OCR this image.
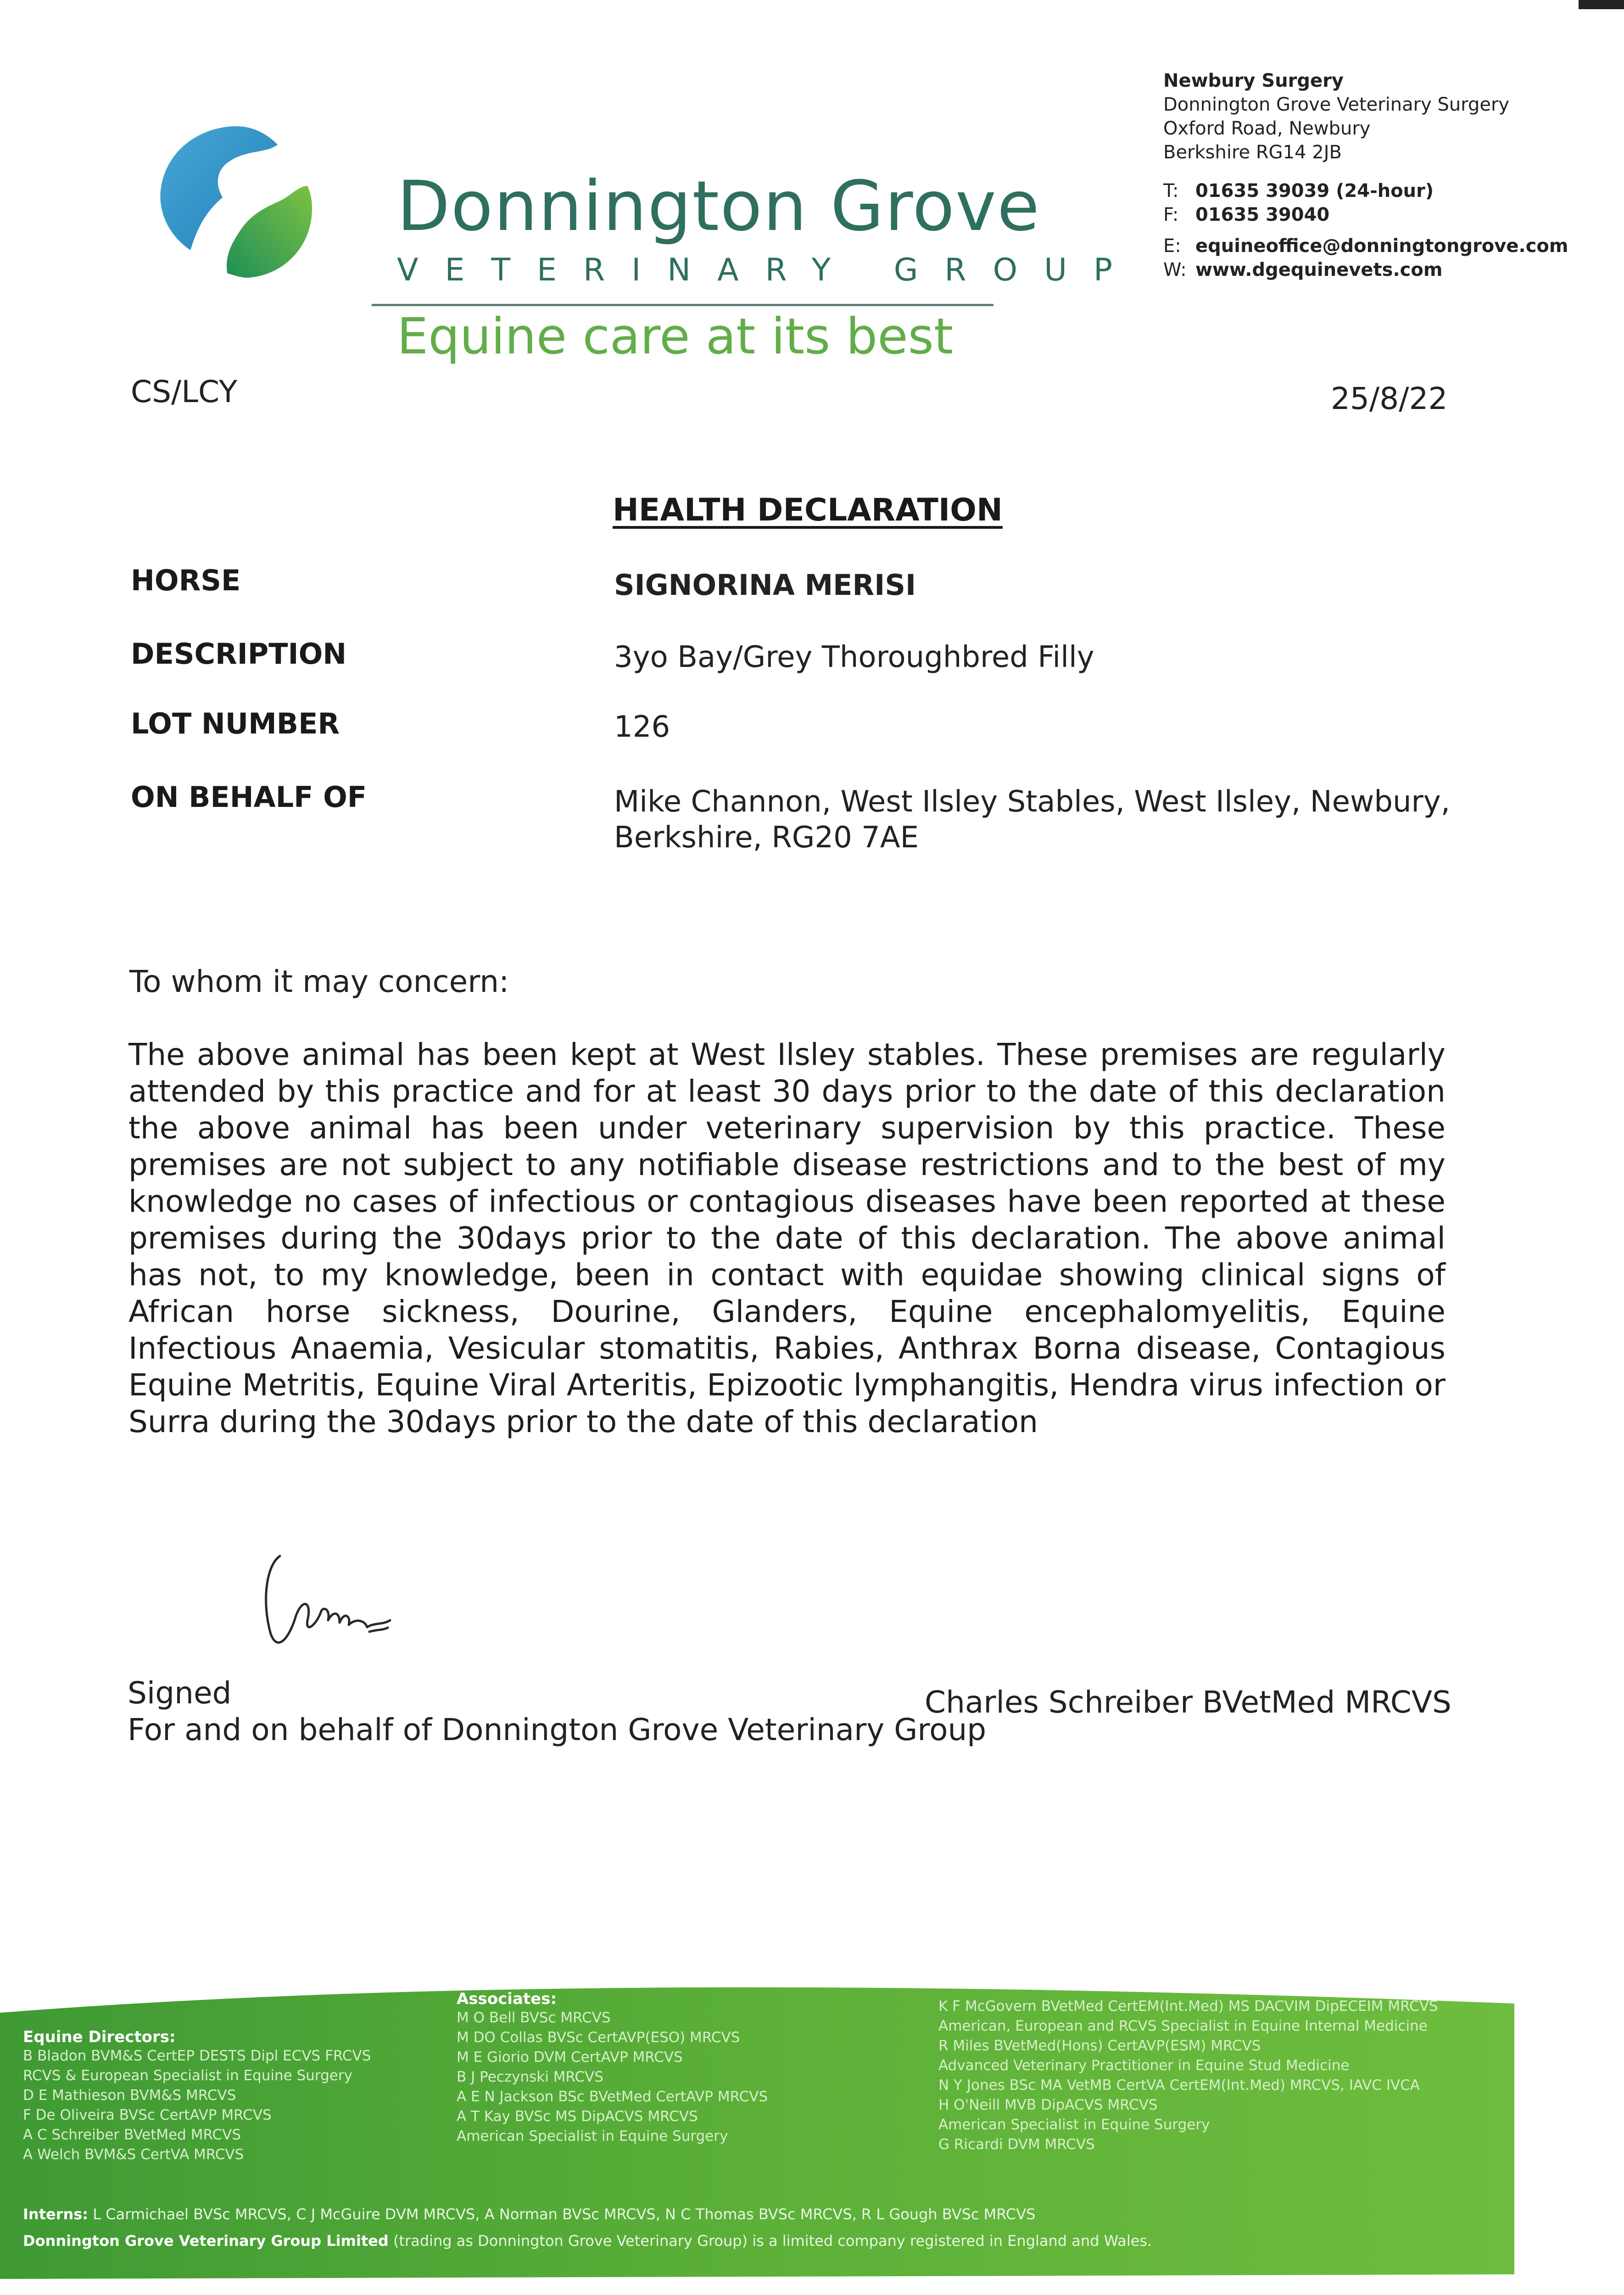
Donnington Grove
VETERINARY GROUP
Equine care at its best
Newbury Surgery
Donnington Grove Veterinary Surgery
Oxford Road, Newbury
Berkshire RG14 2JB
T: 01635 39039 (24-hour)
F: 01635 39040
E: equineoffice@donningtongrove.com
W: www.dgequinevets.com
CS/LCY	25/8/22
HEALTH DECLARATION
HORSE	SIGNORINA MERISI
DESCRIPTION	3yo Bay/Grey Thoroughbred Filly
LOT NUMBER	126
ON BEHALF OF	Mike Channon, West Ilsley Stables, West Ilsley, Newbury,
Berkshire, RG20 7AE
To whom it may concern:
The above animal has been kept at West Ilsley stables. These premises are regularly attended by this practice and for at least 30 days prior to the date of this declaration the above animal has been under veterinary supervision by this practice. These premises are not subject to any notifiable disease restrictions and to the best of my knowledge no cases of infectious or contagious diseases have been reported at these premises during the 30days prior to the date of this declaration. The above animal has not, to my knowledge, been in contact with equidae showing clinical signs of African horse sickness, Dourine, Glanders, Equine encephalomyelitis, Equine Infectious Anaemia, Vesicular stomatitis, Rabies, Anthrax Borna disease, Contagious Equine Metritis, Equine Viral Arteritis, Epizootic lymphangitis, Hendra virus infection or Surra during the 30days prior to the date of this declaration
Signed
For and on behalf of Donnington Grove Veterinary Group
Charles Schreiber BVetMed MRCVS
Equine Directors:
B Bladon BVM&S CertEP DESTS Dipl ECVS FRCVS
RCVS & European Specialist in Equine Surgery
D E Mathieson BVM&S MRCVS
F De Oliveira BVSc CertAVP MRCVS
A C Schreiber BVetMed MRCVS
A Welch BVM&S CertVA MRCVS
Associates:
M O Bell BVSc MRCVS
M DO Collas BVSc CertAVP(ESO) MRCVS
M E Giorio DVM CertAVP MRCVS
B J Peczynski MRCVS
A E N Jackson BSc BVetMed CertAVP MRCVS
A T Kay BVSc MS DipACVS MRCVS
American Specialist in Equine Surgery
K F McGovern BVetMed CertEM(Int.Med) MS DACVIM DipECEIM MRCVS
American, European and RCVS Specialist in Equine Internal Medicine
R Miles BVetMed(Hons) CertAVP(ESM) MRCVS
Advanced Veterinary Practitioner in Equine Stud Medicine
N Y Jones BSc MA VetMB CertVA CertEM(Int.Med) MRCVS, IAVC IVCA
H O'Neill MVB DipACVS MRCVS
American Specialist in Equine Surgery
G Ricardi DVM MRCVS
Interns: L Carmichael BVSc MRCVS, C J McGuire DVM MRCVS, A Norman BVSc MRCVS, N C Thomas BVSc MRCVS, R L Gough BVSc MRCVS
Donnington Grove Veterinary Group Limited (trading as Donnington Grove Veterinary Group) is a limited company registered in England and Wales.
